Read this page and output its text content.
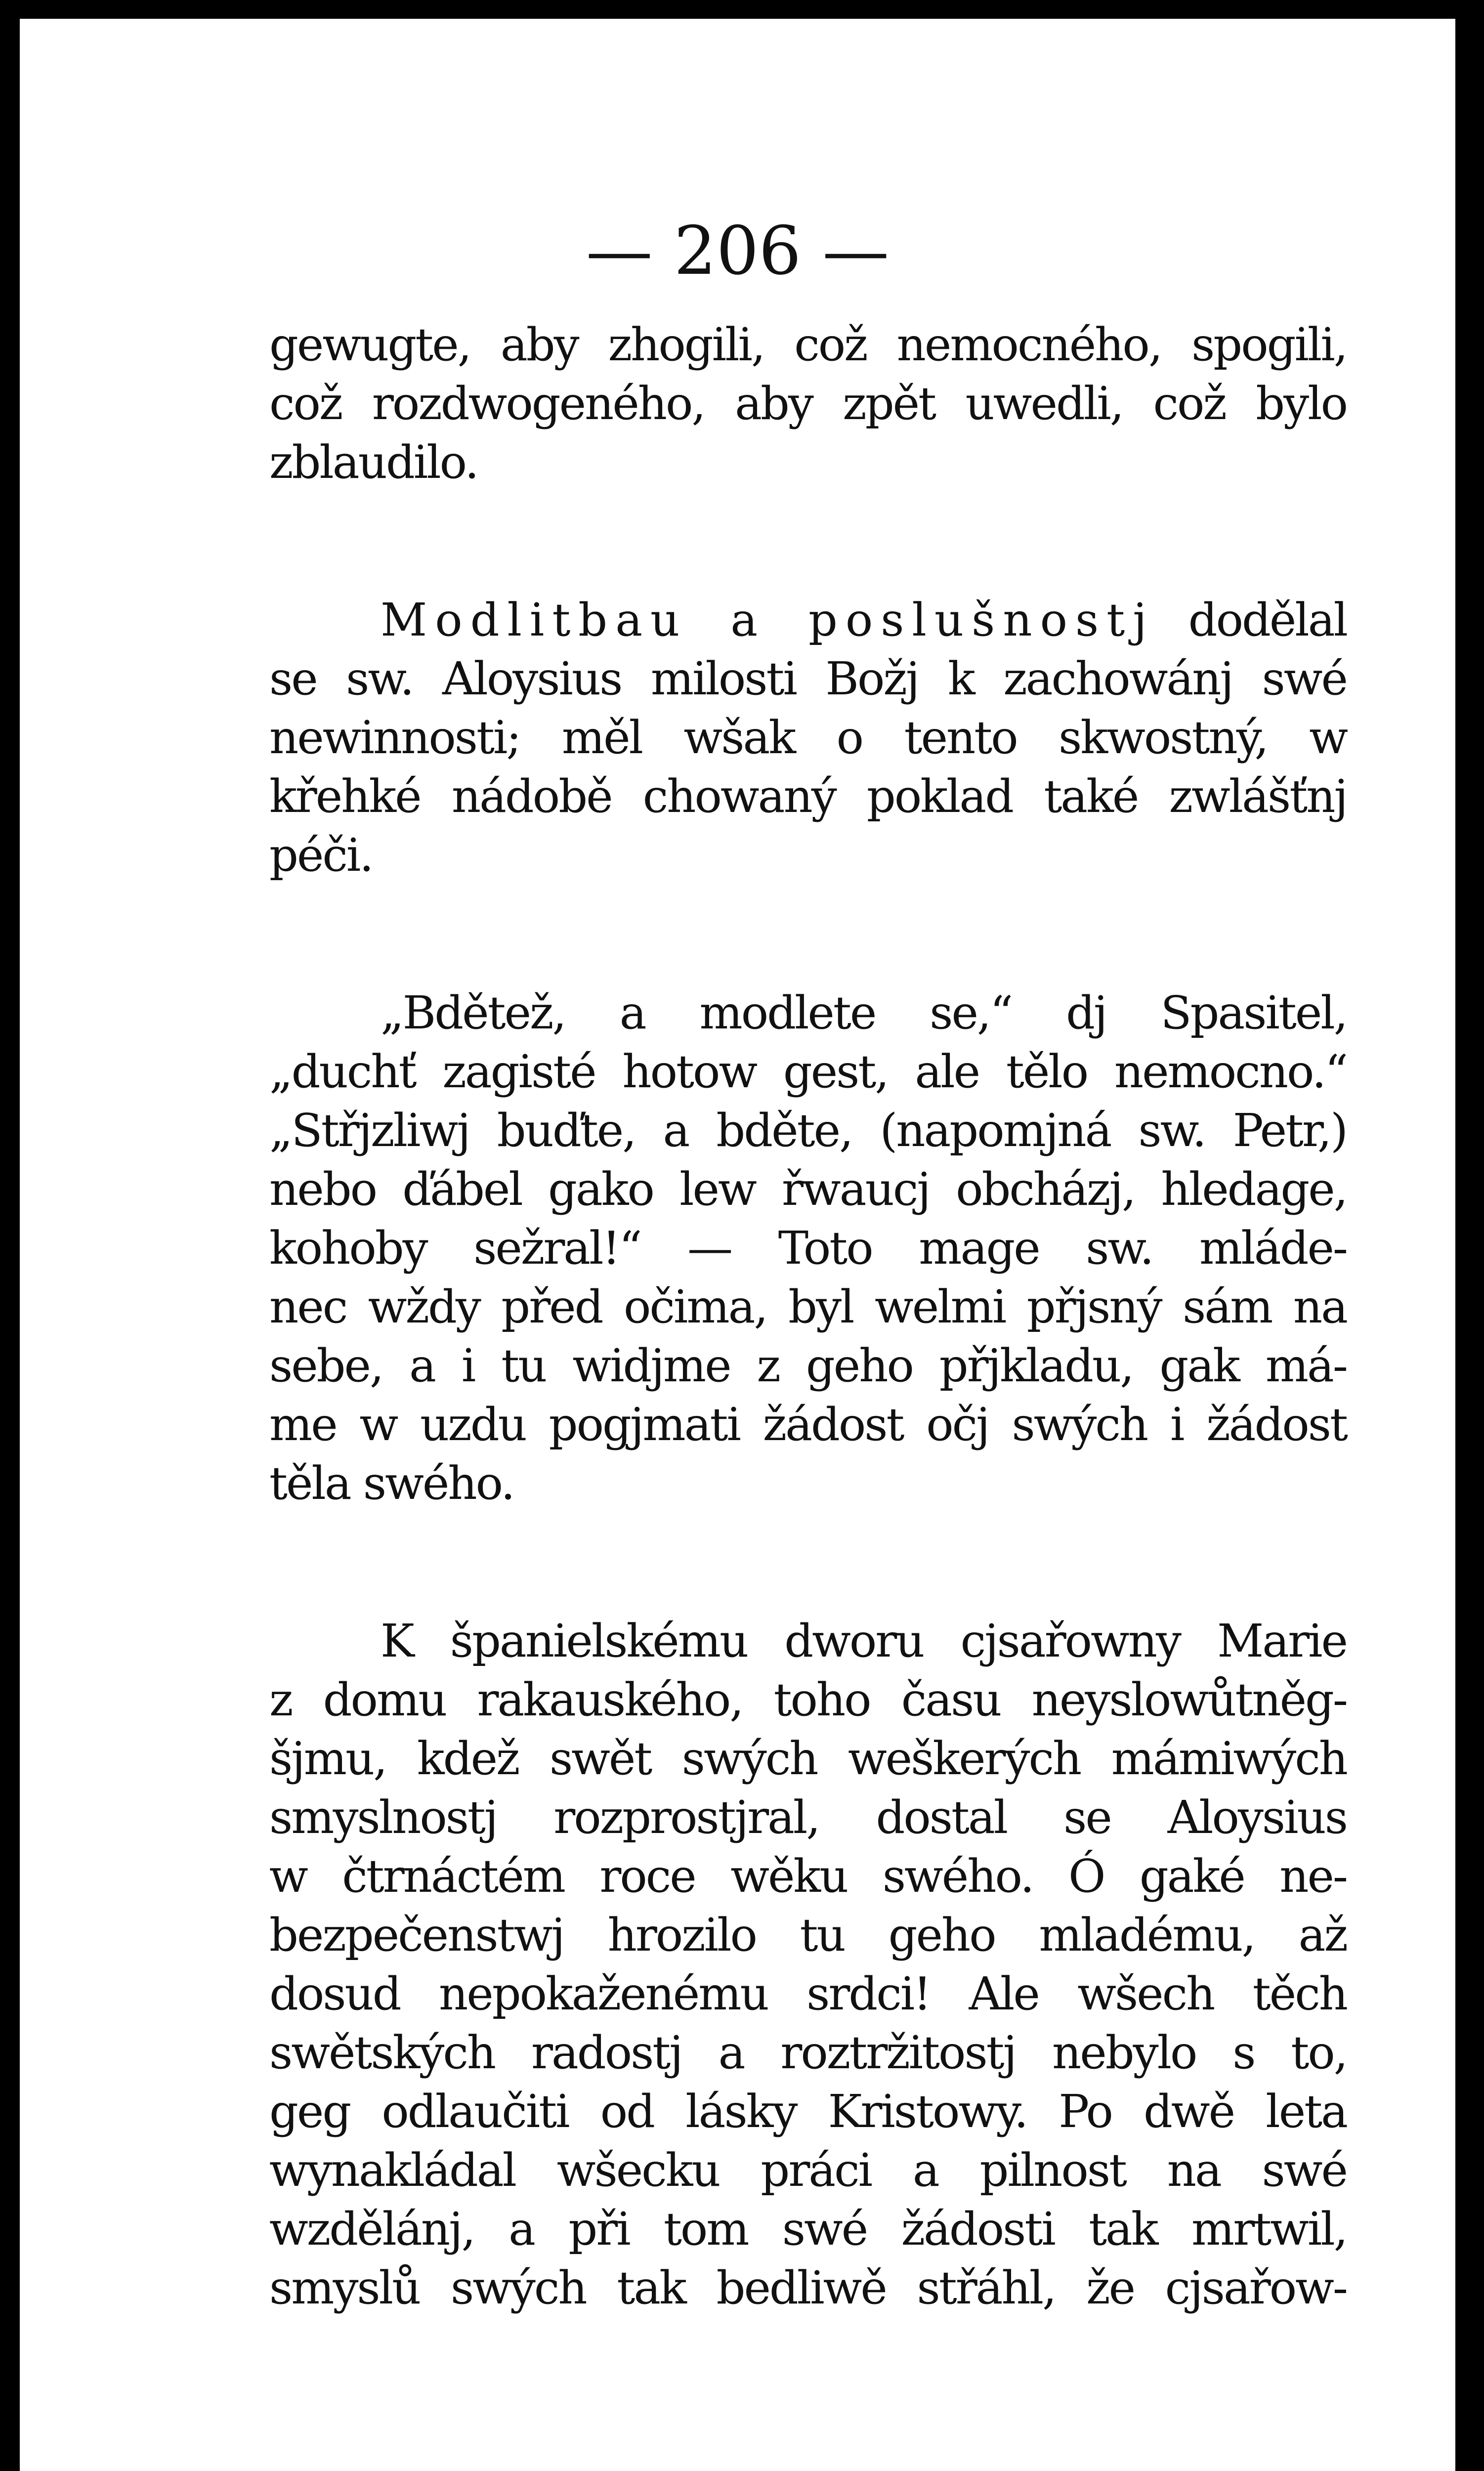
— 206 —

gewugte, aby zhogili, což nemocného, spogili,
což rozdwogeného, aby zpět uwedli, což bylo
zblaudilo.
Modlitbau a poslušnostj dodělal
se sw. Aloysius milosti Božj k zachowánj swé
newinnosti; měl wšak o tento skwostný, w
křehké nádobě chowaný poklad také zwlášťnj
péči.
„Bdětež, a modlete se,“ dj Spasitel,
„duchť zagisté hotow gest, ale tělo nemocno.“
„Střjzliwj buďte, a bděte, (napomjná sw. Petr,)
nebo ďábel gako lew řwaucj obcházj, hledage,
kohoby sežral!“ — Toto mage sw. mláde-
nec wždy před očima, byl welmi přjsný sám na
sebe, a i tu widjme z geho přjkladu, gak má-
me w uzdu pogjmati žádost očj swých i žádost
těla swého.
K španielskému dworu cjsařowny Marie
z domu rakauského, toho času neyslowůtněg-
šjmu, kdež swět swých weškerých mámiwých
smyslnostj rozprostjral, dostal se Aloysius
w čtrnáctém roce wěku swého. Ó gaké ne-
bezpečenstwj hrozilo tu geho mladému, až
dosud nepokaženému srdci! Ale wšech těch
swětských radostj a roztržitostj nebylo s to,
geg odlaučiti od lásky Kristowy. Po dwě leta
wynakládal wšecku práci a pilnost na swé
wzdělánj, a při tom swé žádosti tak mrtwil,
smyslů swých tak bedliwě střáhl, že cjsařow-
